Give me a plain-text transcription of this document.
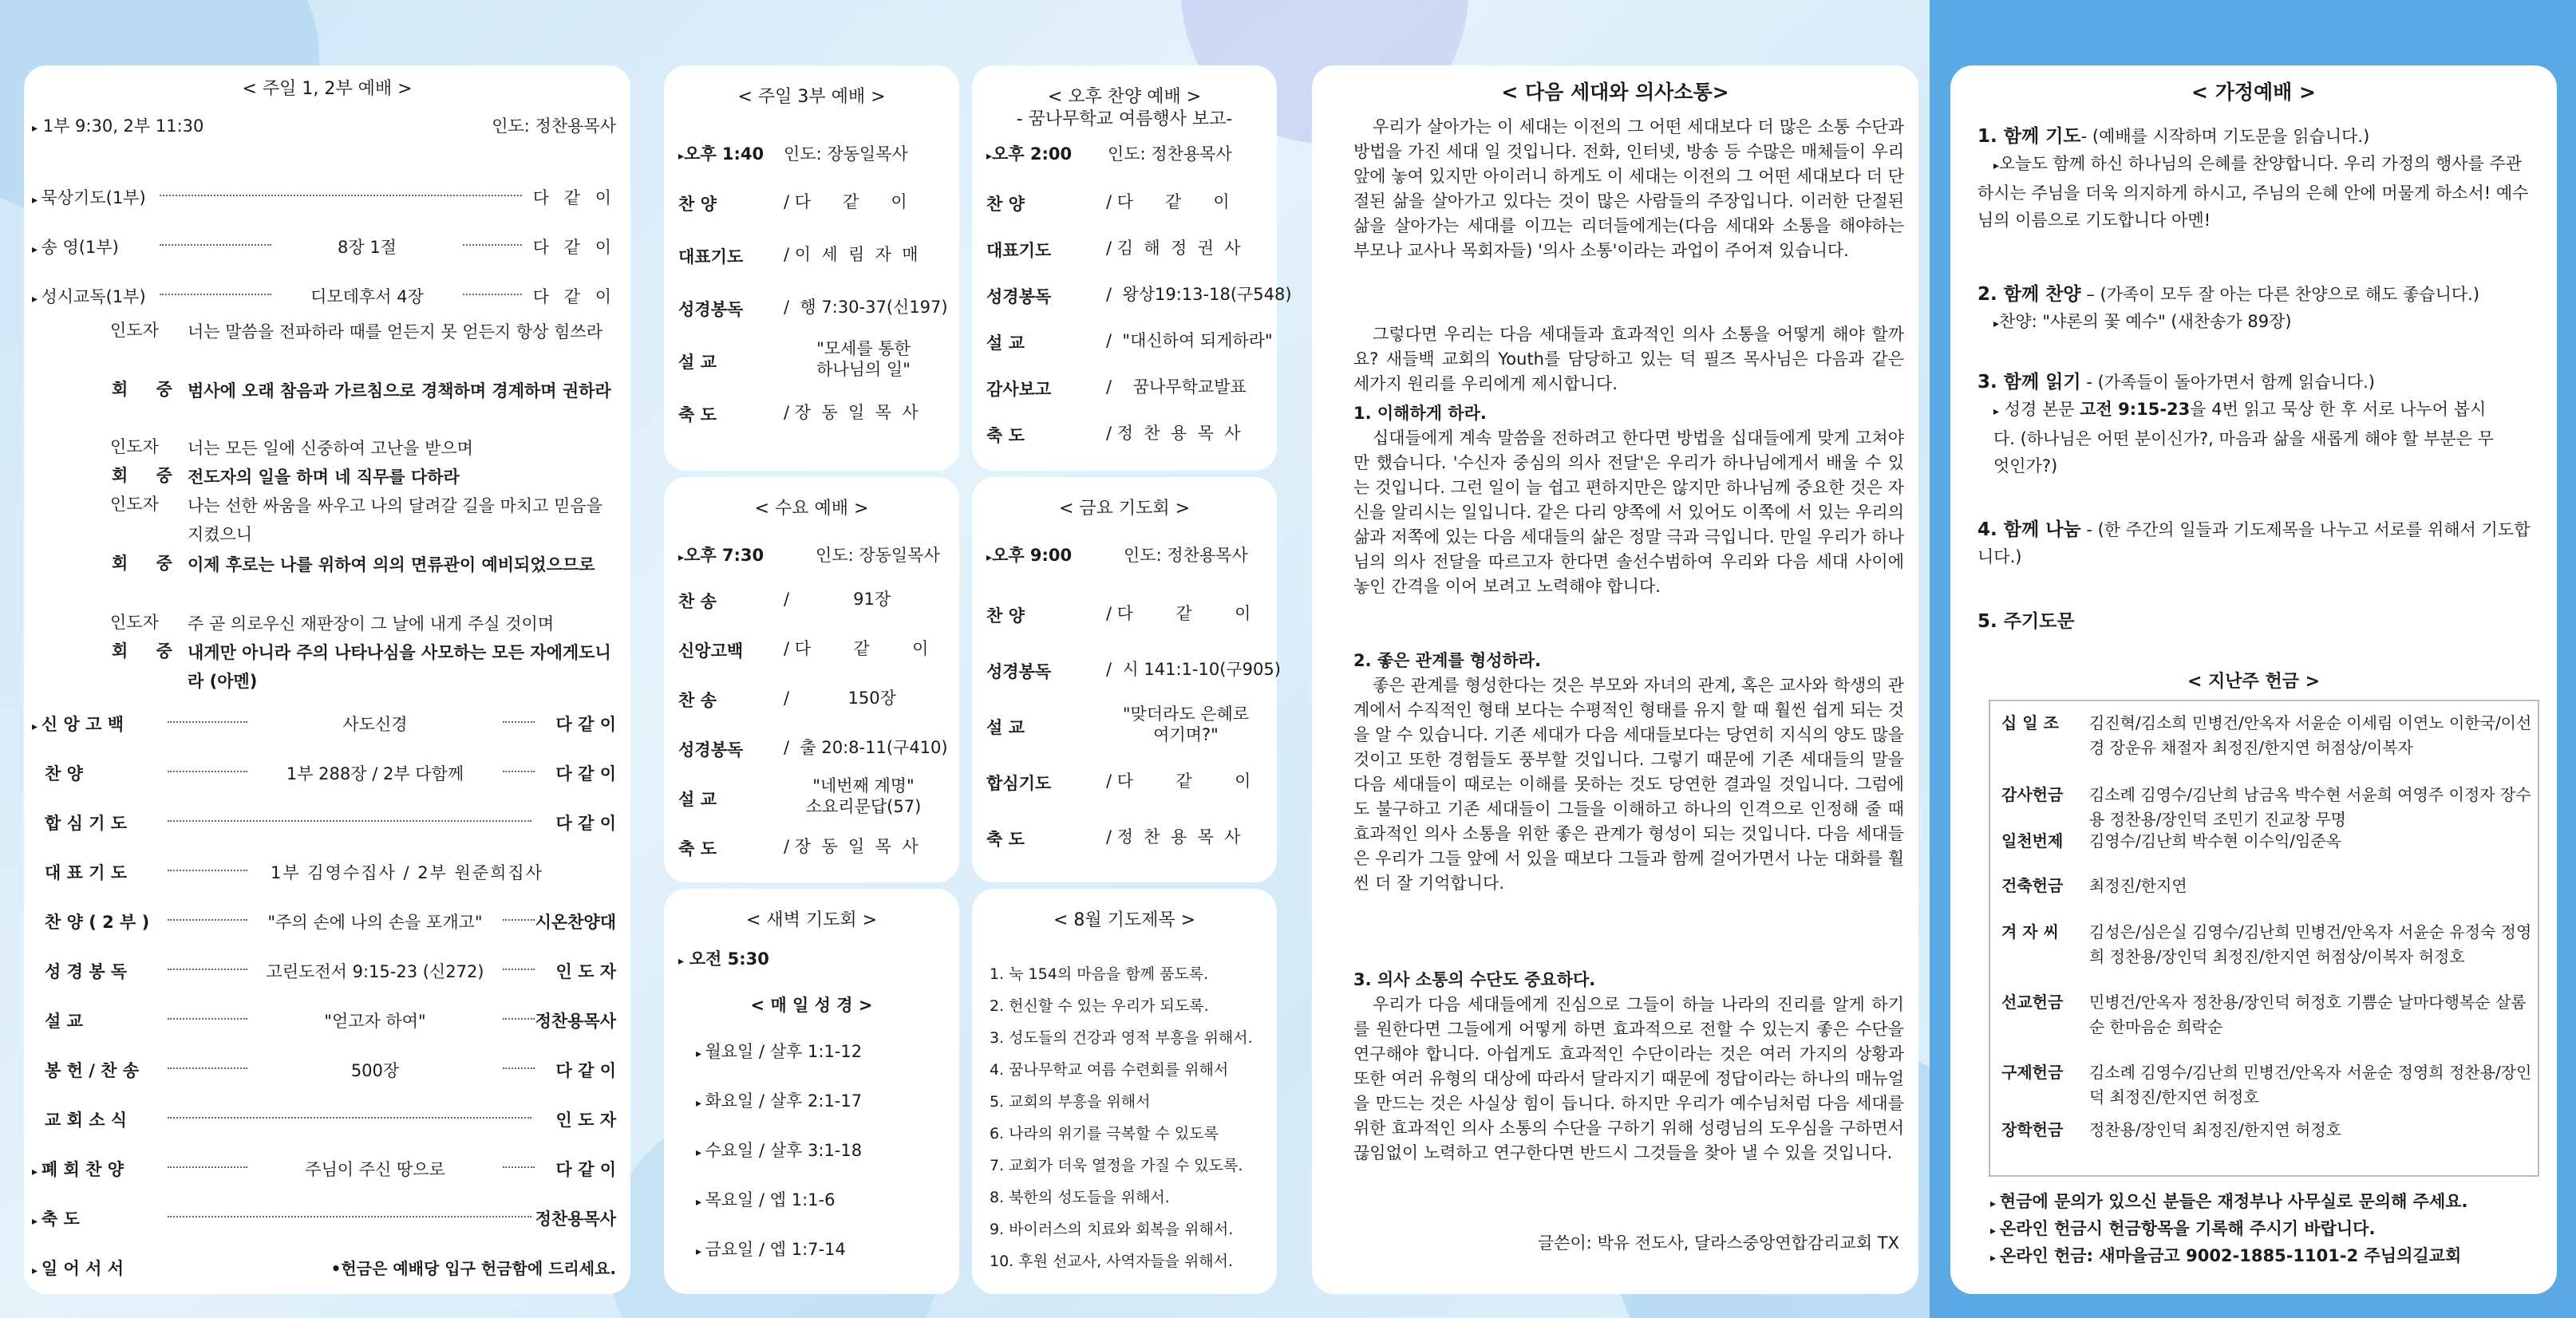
< 주일 1, 2부 예배 >
▸ 1부 9:30, 2부 11:30	인도: 정찬용목사
▸ 묵상기도(1부)	다 같 이
▸ 송 영(1부)	8장 1절	다 같 이
▸ 성시교독(1부)	디모데후서 4장	다 같 이
인도자	너는 말씀을 전파하라 때를 얻든지 못 얻든지 항상 힘쓰라
회 중 범사에 오래 참음과 가르침으로 경책하며 경계하며 권하라
인도자	너는 모든 일에 신중하여 고난을 받으며
회 중 전도자의 일을 하며 네 직무를 다하라
인도자	나는 선한 싸움을 싸우고 나의 달려갈 길을 마치고 믿음을 지켰으니
회 중 이제 후로는 나를 위하여 의의 면류관이 예비되었으므로
인도자	주 곧 의로우신 재판장이 그 날에 내게 주실 것이며
회 중 내게만 아니라 주의 나타나심을 사모하는 모든 자에게도니라 (아멘)
▸ 신 앙 고 백	사도신경	다 같 이
찬 양	1부 288장 / 2부 다함께	다 같 이
합 심 기 도	다 같 이
대 표 기 도	1부 김영수집사 / 2부 원준희집사
찬 양 ( 2 부 )	"주의 손에 나의 손을 포개고"	시온찬양대
성 경 봉 독	고린도전서 9:15-23 (신272)	인 도 자
설 교	"얻고자 하여"	정찬용목사
봉 헌 / 찬 송	500장	다 같 이
교 회 소 식	인 도 자
▸ 폐 회 찬 양	주님이 주신 땅으로	다 같 이
▸ 축 도	정찬용목사
▸ 일 어 서 서	•헌금은 예배당 입구 헌금함에 드리세요.
< 주일 3부 예배 >
▸오후 1:40 인도: 장동일목사
찬 양	/ 다      같      이
대표기도 / 이  세  림  자  매
성경봉독 /  행 7:30-37(신197)
설 교
"모세를 통한
하나님의 일"
축 도	/ 장  동  일  목  사
< 오후 찬양 예배 >
- 꿈나무학교 여름행사 보고-
▸오후 2:00 인도: 정찬용목사
찬 양	/ 다      같      이
대표기도	/ 김  해  정  권  사
성경봉독	/  왕상19:13-18(구548)
설 교	/  "대신하여 되게하라"
감사보고	/    꿈나무학교발표
축 도	/ 정  찬  용  목  사
< 수요 예배 >
▸오후 7:30	인도: 장동일목사
찬 송	/            91장
신앙고백 / 다        같        이
찬 송	/           150장
성경봉독 /  출 20:8-11(구410)
설 교
"네번째 계명"
소요리문답(57)
축 도	/ 장  동  일  목  사
< 금요 기도회 >
▸오후 9:00	인도: 정찬용목사
찬 양	/ 다        같        이
성경봉독	/  시 141:1-10(구905)
설 교
"맞더라도 은혜로
여기며?"
합심기도	/ 다        같        이
축 도	/ 정  찬  용  목  사
< 새벽 기도회 >
▸ 오전 5:30
< 매 일 성 경 >
▸ 월요일 / 살후 1:1-12
▸ 화요일 / 살후 2:1-17
▸ 수요일 / 살후 3:1-18
▸ 목요일 / 엡 1:1-6
▸ 금요일 / 엡 1:7-14
< 8월 기도제목 >
1. 눅 154의 마음을 함께 품도록.
2. 헌신할 수 있는 우리가 되도록.
3. 성도들의 건강과 영적 부흥을 위해서.
4. 꿈나무학교 여름 수련회를 위해서
5. 교회의 부흥을 위해서
6. 나라의 위기를 극복할 수 있도록
7. 교회가 더욱 열정을 가질 수 있도록.
8. 북한의 성도들을 위해서.
9. 바이러스의 치료와 회복을 위해서.
10. 후원 선교사, 사역자들을 위해서.
< 다음 세대와 의사소통>
우리가 살아가는 이 세대는 이전의 그 어떤 세대보다 더 많은 소통 수단과 방법을 가진 세대 일 것입니다. 전화, 인터넷, 방송 등 수많은 매체들이 우리 앞에 놓여 있지만 아이러니 하게도 이 세대는 이전의 그 어떤 세대보다 더 단절된 삶을 살아가고 있다는 것이 많은 사람들의 주장입니다. 이러한 단절된 삶을 살아가는 세대를 이끄는 리더들에게는(다음 세대와 소통을 해야하는 부모나 교사나 목회자들) '의사 소통'이라는 과업이 주어져 있습니다.
그렇다면 우리는 다음 세대들과 효과적인 의사 소통을 어떻게 해야 할까요? 새들백 교회의 Youth를 담당하고 있는 덕 필즈 목사님은 다음과 같은 세가지 원리를 우리에게 제시합니다.
1. 이해하게 하라.
십대들에게 계속 말씀을 전하려고 한다면 방법을 십대들에게 맞게 고쳐야만 했습니다. '수신자 중심의 의사 전달'은 우리가 하나님에게서 배울 수 있는 것입니다. 그런 일이 늘 쉽고 편하지만은 않지만 하나님께 중요한 것은 자신을 알리시는 일입니다. 같은 다리 양쪽에 서 있어도 이쪽에 서 있는 우리의 삶과 저쪽에 있는 다음 세대들의 삶은 정말 극과 극입니다. 만일 우리가 하나님의 의사 전달을 따르고자 한다면 솔선수범하여 우리와 다음 세대 사이에 놓인 간격을 이어 보려고 노력해야 합니다.
2. 좋은 관계를 형성하라.
좋은 관계를 형성한다는 것은 부모와 자녀의 관계, 혹은 교사와 학생의 관계에서 수직적인 형태 보다는 수평적인 형태를 유지 할 때 훨씬 쉽게 되는 것을 알 수 있습니다. 기존 세대가 다음 세대들보다는 당연히 지식의 양도 많을 것이고 또한 경험들도 풍부할 것입니다. 그렇기 때문에 기존 세대들의 말을 다음 세대들이 때로는 이해를 못하는 것도 당연한 결과일 것입니다. 그럼에도 불구하고 기존 세대들이 그들을 이해하고 하나의 인격으로 인정해 줄 때 효과적인 의사 소통을 위한 좋은 관계가 형성이 되는 것입니다. 다음 세대들은 우리가 그들 앞에 서 있을 때보다 그들과 함께 걸어가면서 나눈 대화를 훨씬 더 잘 기억합니다.
3. 의사 소통의 수단도 중요하다.
우리가 다음 세대들에게 진심으로 그들이 하늘 나라의 진리를 알게 하기를 원한다면 그들에게 어떻게 하면 효과적으로 전할 수 있는지 좋은 수단을 연구해야 합니다. 아쉽게도 효과적인 수단이라는 것은 여러 가지의 상황과 또한 여러 유형의 대상에 따라서 달라지기 때문에 정답이라는 하나의 매뉴얼을 만드는 것은 사실상 힘이 듭니다. 하지만 우리가 예수님처럼 다음 세대를 위한 효과적인 의사 소통의 수단을 구하기 위해 성령님의 도우심을 구하면서 끊임없이 노력하고 연구한다면 반드시 그것들을 찾아 낼 수 있을 것입니다.
글쓴이: 박유 전도사, 달라스중앙연합감리교회 TX
< 가정예배 >
1. 함께 기도- (예배를 시작하며 기도문을 읽습니다.)
▸오늘도 함께 하신 하나님의 은혜를 찬양합니다. 우리 가정의 행사를 주관하시는 주님을 더욱 의지하게 하시고, 주님의 은혜 안에 머물게 하소서! 예수님의 이름으로 기도합니다 아멘!
2. 함께 찬양 – (가족이 모두 잘 아는 다른 찬양으로 해도 좋습니다.)
▸찬양: "샤론의 꽃 예수" (새찬송가 89장)
3. 함께 읽기 - (가족들이 돌아가면서 함께 읽습니다.)
▸ 성경 본문 고전 9:15-23을 4번 읽고 묵상 한 후 서로 나누어 봅시다. (하나님은 어떤 분이신가?, 마음과 삶을 새롭게 해야 할 부분은 무엇인가?)
4. 함께 나눔 - (한 주간의 일들과 기도제목을 나누고 서로를 위해서 기도합니다.)
5. 주기도문
< 지난주 헌금 >
십 일 조 김진혁/김소희 민병건/안옥자 서윤순 이세림 이연노 이한국/이선경 장운유 채절자 최정진/한지연 허점상/이복자
감사헌금 김소례 김영수/김난희 남금옥 박수현 서윤희 여영주 이정자 장수용 정찬용/장인덕 조민기 진교창 무명
일천번제 김영수/김난희 박수현 이수익/임준옥
건축헌금 최정진/한지연
겨 자 씨 김성은/심은실 김영수/김난희 민병건/안옥자 서윤순 유정숙 정영희 정찬용/장인덕 최정진/한지연 허점상/이복자 허정호
선교헌금 민병건/안옥자 정찬용/장인덕 허정호 기쁨순 날마다행복순 살롬순 한마음순 희락순
구제헌금 김소례 김영수/김난희 민병건/안옥자 서윤순 정영희 정찬용/장인덕 최정진/한지연 허정호
장학헌금 정찬용/장인덕 최정진/한지연 허정호
▸ 현금에 문의가 있으신 분들은 재정부나 사무실로 문의해 주세요.
▸ 온라인 헌금시 헌금항목을 기록해 주시기 바랍니다.
▸ 온라인 헌금: 새마을금고 9002-1885-1101-2 주님의길교회
